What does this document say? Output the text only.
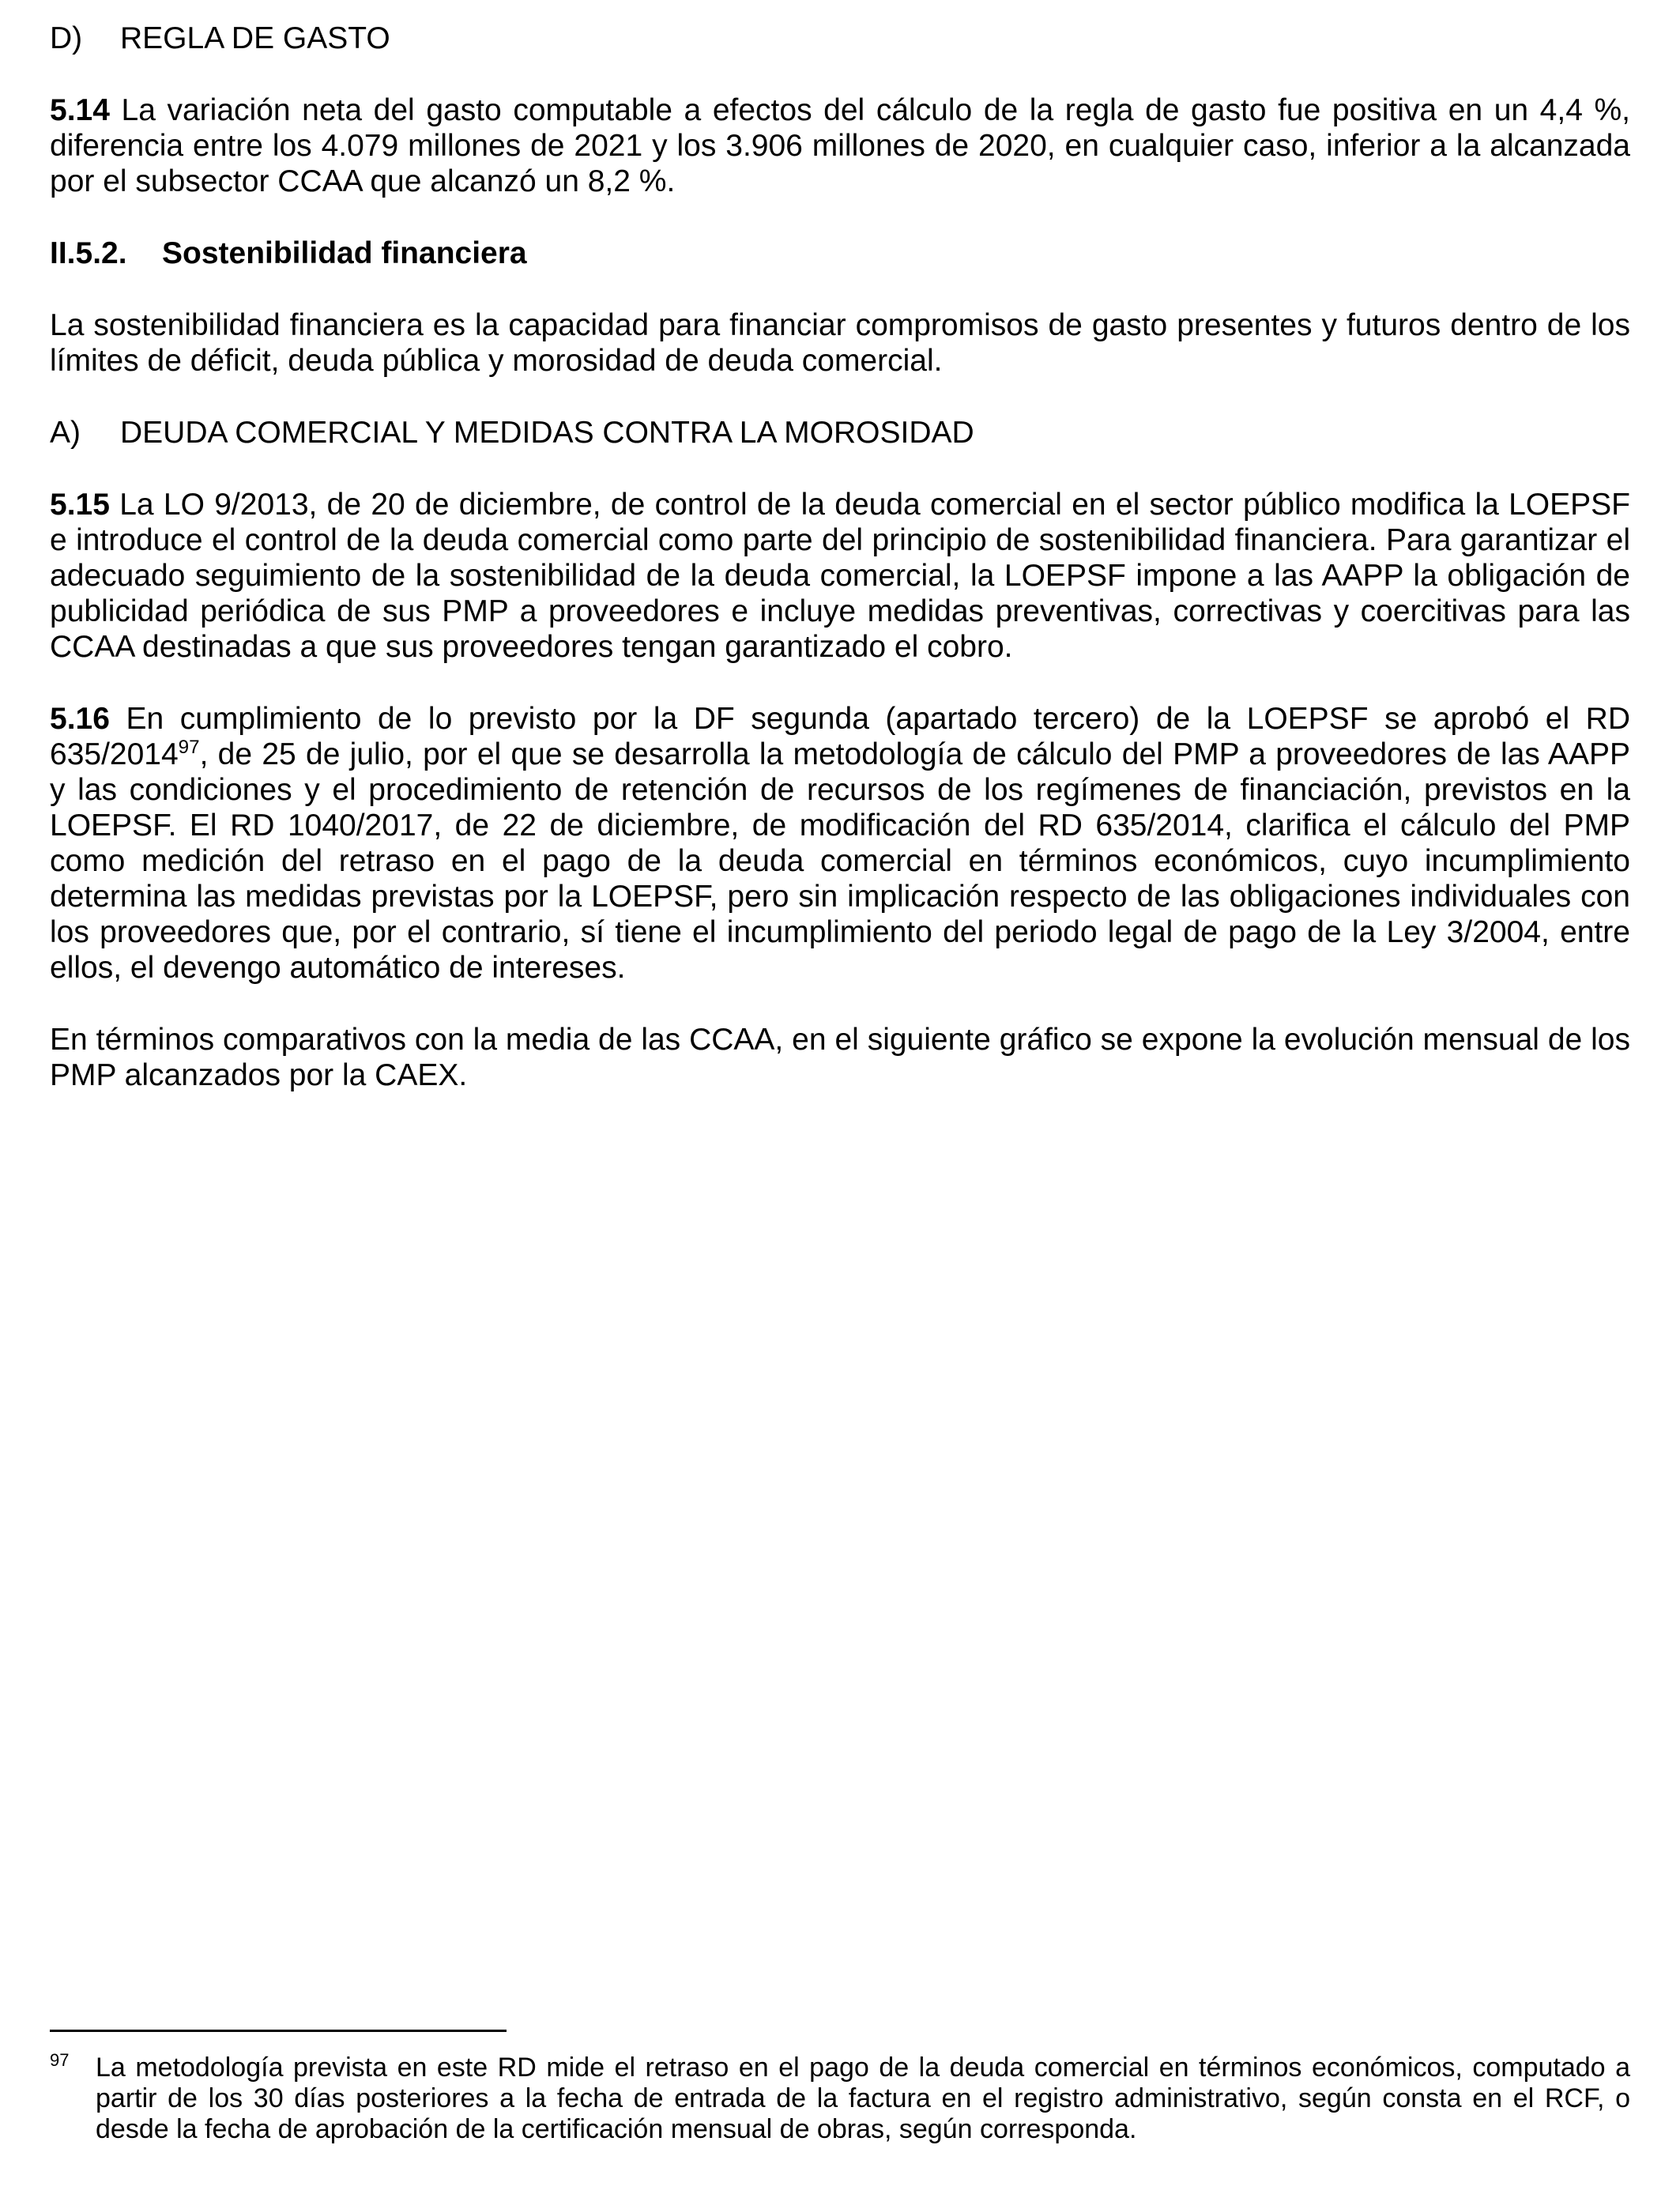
D) REGLA DE GASTO

5.14 La variación neta del gasto computable a efectos del cálculo de la regla de gasto fue positiva en un 4,4 %, diferencia entre los 4.079 millones de 2021 y los 3.906 millones de 2020, en cualquier caso, inferior a la alcanzada por el subsector CCAA que alcanzó un 8,2 %.

II.5.2. Sostenibilidad financiera

La sostenibilidad financiera es la capacidad para financiar compromisos de gasto presentes y futuros dentro de los límites de déficit, deuda pública y morosidad de deuda comercial.

A) DEUDA COMERCIAL Y MEDIDAS CONTRA LA MOROSIDAD

5.15 La LO 9/2013, de 20 de diciembre, de control de la deuda comercial en el sector público modifica la LOEPSF e introduce el control de la deuda comercial como parte del principio de sostenibilidad financiera. Para garantizar el adecuado seguimiento de la sostenibilidad de la deuda comercial, la LOEPSF impone a las AAPP la obligación de publicidad periódica de sus PMP a proveedores e incluye medidas preventivas, correctivas y coercitivas para las CCAA destinadas a que sus proveedores tengan garantizado el cobro.

5.16 En cumplimiento de lo previsto por la DF segunda (apartado tercero) de la LOEPSF se aprobó el RD 635/2014$^{97}$, de 25 de julio, por el que se desarrolla la metodología de cálculo del PMP a proveedores de las AAPP y las condiciones y el procedimiento de retención de recursos de los regímenes de financiación, previstos en la LOEPSF. El RD 1040/2017, de 22 de diciembre, de modificación del RD 635/2014, clarifica el cálculo del PMP como medición del retraso en el pago de la deuda comercial en términos económicos, cuyo incumplimiento determina las medidas previstas por la LOEPSF, pero sin implicación respecto de las obligaciones individuales con los proveedores que, por el contrario, sí tiene el incumplimiento del periodo legal de pago de la Ley 3/2004, entre ellos, el devengo automático de intereses.

En términos comparativos con la media de las CCAA, en el siguiente gráfico se expone la evolución mensual de los PMP alcanzados por la CAEX.

97 La metodología prevista en este RD mide el retraso en el pago de la deuda comercial en términos económicos, computado a partir de los 30 días posteriores a la fecha de entrada de la factura en el registro administrativo, según consta en el RCF, o desde la fecha de aprobación de la certificación mensual de obras, según corresponda.
